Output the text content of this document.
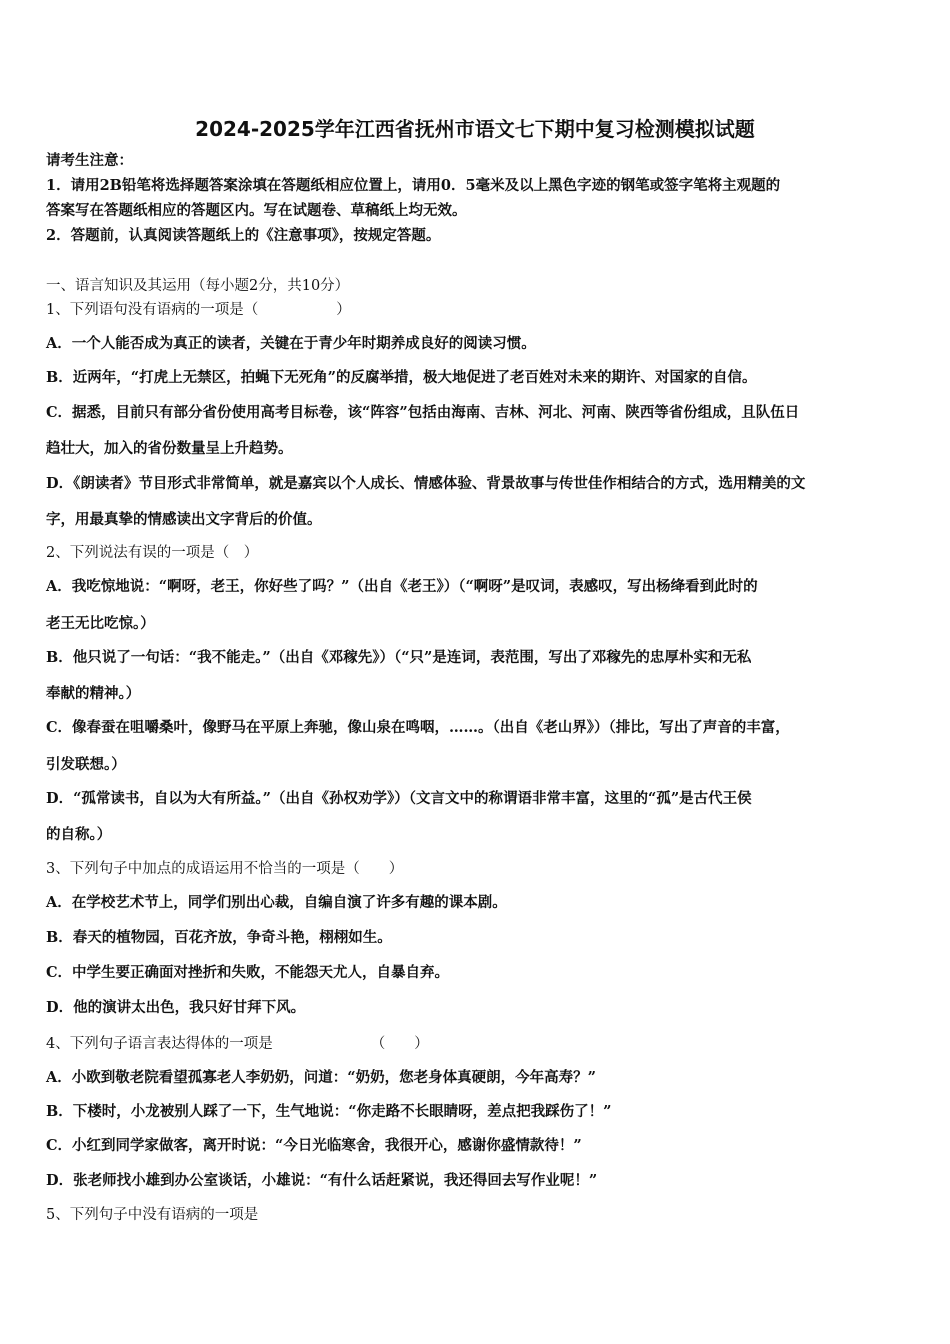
2024-2025学年江西省抚州市语文七下期中复习检测模拟试题
请考生注意：
1．请用2B铅笔将选择题答案涂填在答题纸相应位置上，请用0．5毫米及以上黑色字迹的钢笔或签字笔将主观题的
答案写在答题纸相应的答题区内。写在试题卷、草稿纸上均无效。
2．答题前，认真阅读答题纸上的《注意事项》，按规定答题。
一、语言知识及其运用（每小题2分，共10分）
1、下列语句没有语病的一项是（	）
A．一个人能否成为真正的读者，关键在于青少年时期养成良好的阅读习惯。
B．近两年，“打虎上无禁区，拍蝇下无死角”的反腐举措，极大地促进了老百姓对未来的期许、对国家的自信。
C．据悉，目前只有部分省份使用高考目标卷，该“阵容”包括由海南、吉林、河北、河南、陕西等省份组成，且队伍日
趋壮大，加入的省份数量呈上升趋势。
D．《朗读者》节目形式非常简单，就是嘉宾以个人成长、情感体验、背景故事与传世佳作相结合的方式，选用精美的文
字，用最真挚的情感读出文字背后的价值。
2、下列说法有误的一项是（　）
A．我吃惊地说：“啊呀，老王，你好些了吗？”（出自《老王》）（“啊呀”是叹词，表感叹，写出杨绛看到此时的
老王无比吃惊。）
B．他只说了一句话：“我不能走。”（出自《邓稼先》）（“只”是连词，表范围，写出了邓稼先的忠厚朴实和无私
奉献的精神。）
C．像春蚕在咀嚼桑叶，像野马在平原上奔驰，像山泉在鸣咽，……。（出自《老山界》）（排比，写出了声音的丰富，
引发联想。）
D．“孤常读书，自以为大有所益。”（出自《孙权劝学》）（文言文中的称谓语非常丰富，这里的“孤”是古代王侯
的自称。）
3、下列句子中加点的成语运用不恰当的一项是（　　）
A．在学校艺术节上，同学们别出心裁，自编自演了许多有趣的课本剧。
B．春天的植物园，百花齐放，争奇斗艳，栩栩如生。
C．中学生要正确面对挫折和失败，不能怨天尤人，自暴自弃。
D．他的演讲太出色，我只好甘拜下风。
4、下列句子语言表达得体的一项是	（　　）
A．小欧到敬老院看望孤寡老人李奶奶，问道：“奶奶，您老身体真硬朗，今年高寿？”
B．下楼时，小龙被别人踩了一下，生气地说：“你走路不长眼睛呀，差点把我踩伤了！”
C．小红到同学家做客，离开时说：“今日光临寒舍，我很开心，感谢你盛情款待！”
D．张老师找小雄到办公室谈话，小雄说：“有什么话赶紧说，我还得回去写作业呢！”
5、下列句子中没有语病的一项是
